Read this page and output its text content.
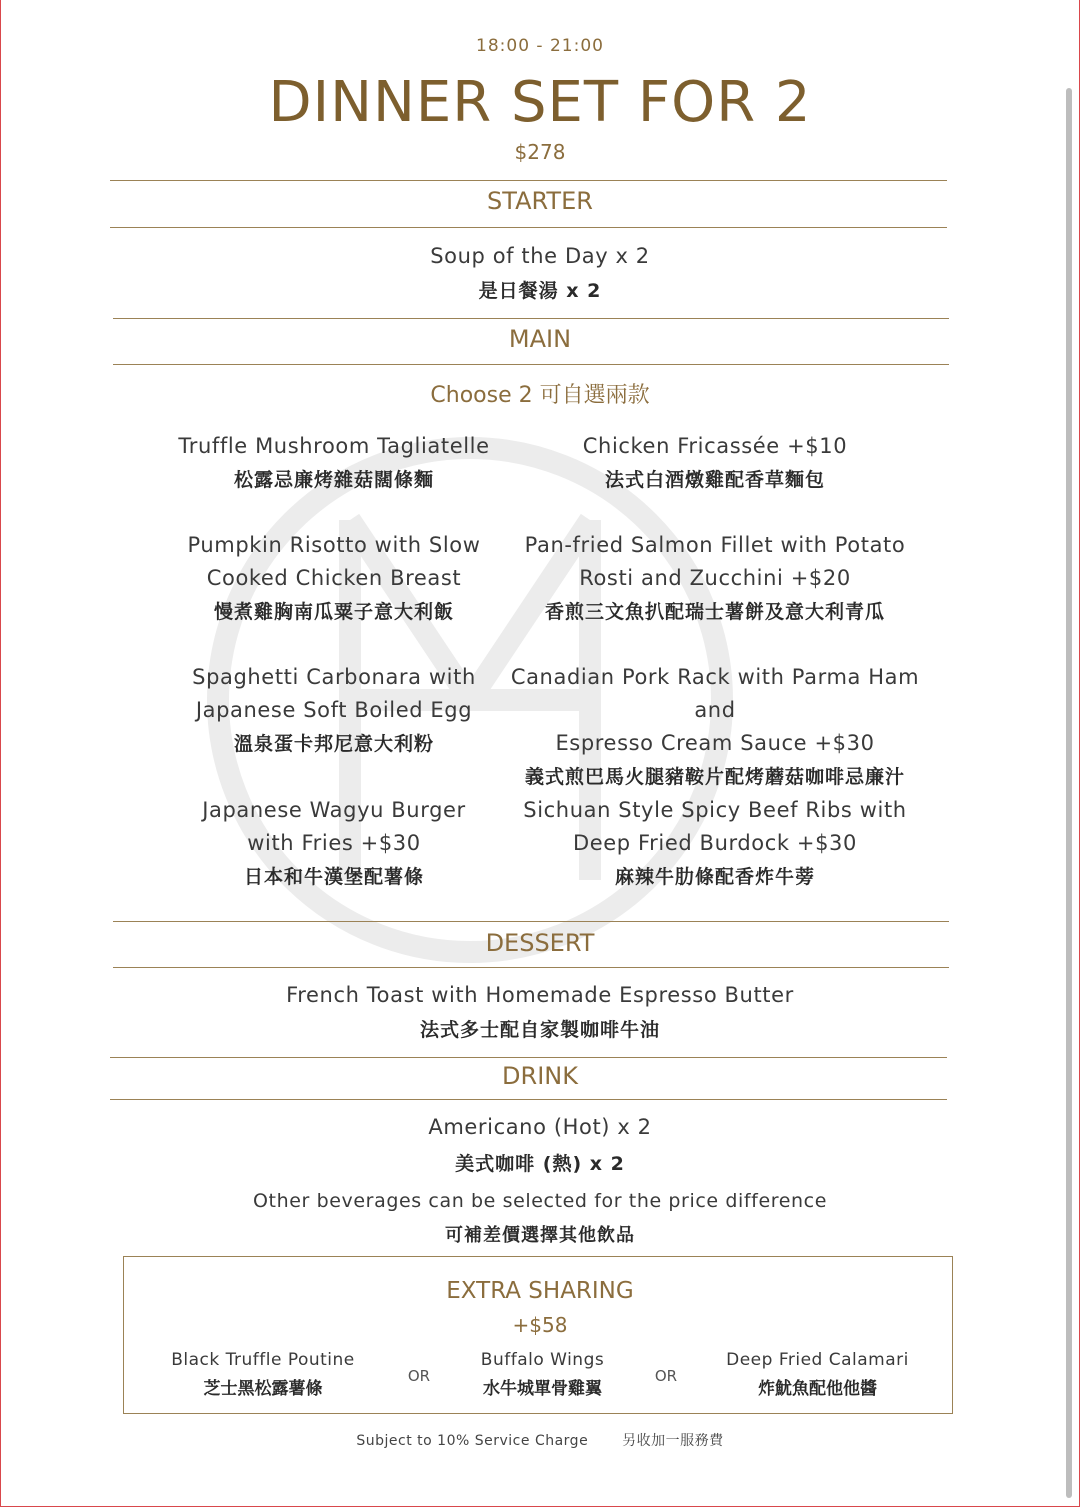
18:00 - 21:00
DINNER SET FOR 2
$278
STARTER
Soup of the Day x 2
是日餐湯 x 2
MAIN
Choose 2 可自選兩款
Truffle Mushroom Tagliatelle
松露忌廉烤雜菇闊條麵
Pumpkin Risotto with Slow
Cooked Chicken Breast
慢煮雞胸南瓜粟子意大利飯
Spaghetti Carbonara with
Japanese Soft Boiled Egg
溫泉蛋卡邦尼意大利粉
Japanese Wagyu Burger
with Fries +$30
日本和牛漢堡配薯條
Chicken Fricassée +$10
法式白酒燉雞配香草麵包
Pan-fried Salmon Fillet with Potato
Rosti and Zucchini +$20
香煎三文魚扒配瑞士薯餅及意大利青瓜
Canadian Pork Rack with Parma Ham and
Espresso Cream Sauce +$30
義式煎巴馬火腿豬鞍片配烤蘑菇咖啡忌廉汁
Sichuan Style Spicy Beef Ribs with
Deep Fried Burdock +$30
麻辣牛肋條配香炸牛蒡
DESSERT
French Toast with Homemade Espresso Butter
法式多士配自家製咖啡牛油
DRINK
Americano (Hot) x 2
美式咖啡 (熱) x 2
Other beverages can be selected for the price difference
可補差價選擇其他飲品
EXTRA SHARING
+$58
Black Truffle Poutine
芝士黑松露薯條
OR
Buffalo Wings
水牛城單骨雞翼
OR
Deep Fried Calamari
炸魷魚配他他醬
Subject to 10% Service Charge 另收加一服務費
